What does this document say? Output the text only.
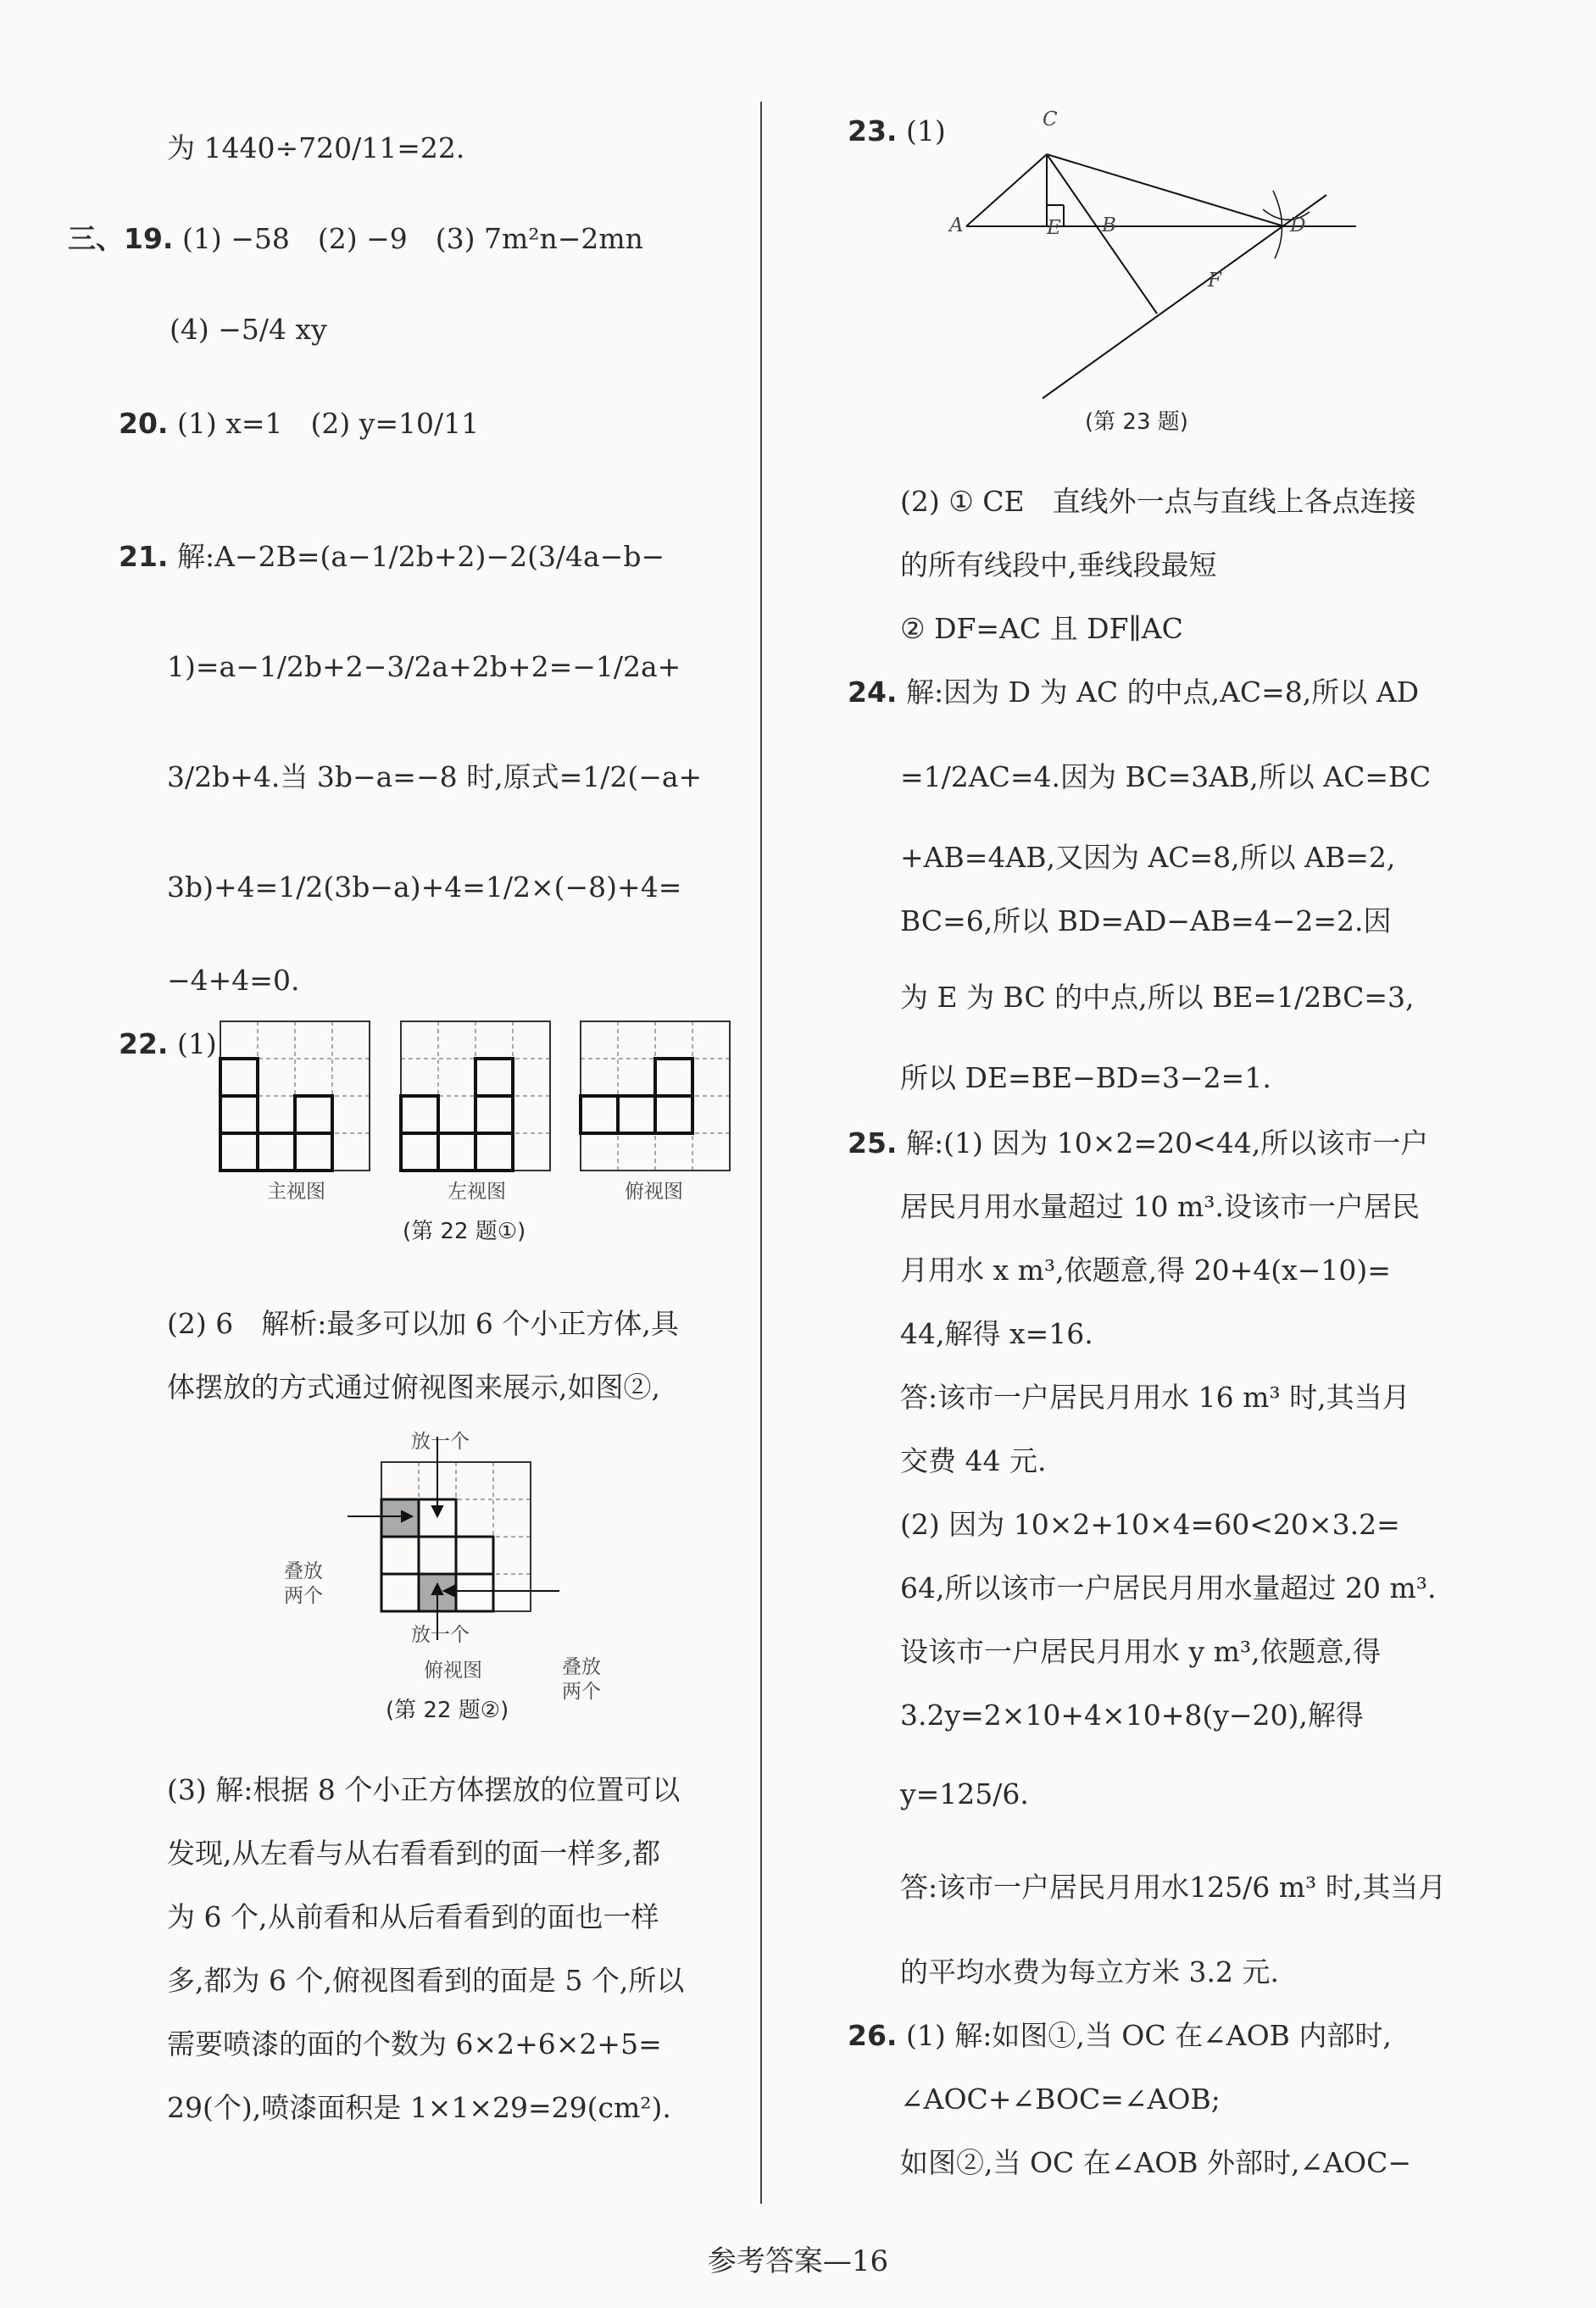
为 1440÷720/11=22.
三、19. (1) −58　(2) −9　(3) 7m²n−2mn
(4) −5/4 xy
20. (1) x=1　(2) y=10/11
21. 解:A−2B=(a−1/2b+2)−2(3/4a−b−
1)=a−1/2b+2−3/2a+2b+2=−1/2a+
3/2b+4.当 3b−a=−8 时,原式=1/2(−a+
3b)+4=1/2(3b−a)+4=1/2×(−8)+4=
−4+4=0.
22. (1)
主视图	左视图	俯视图
(第 22 题①)
(2) 6　解析:最多可以加 6 个小正方体,具
体摆放的方式通过俯视图来展示,如图②,
放一个
叠放两个
叠放两个
放一个
俯视图
(第 22 题②)
(3) 解:根据 8 个小正方体摆放的位置可以
发现,从左看与从右看看到的面一样多,都
为 6 个,从前看和从后看看到的面也一样
多,都为 6 个,俯视图看到的面是 5 个,所以
需要喷漆的面的个数为 6×2+6×2+5=
29(个),喷漆面积是 1×1×29=29(cm²).
23. (1)	C
A	E B	D
F
(第 23 题)
(2) ① CE　直线外一点与直线上各点连接
的所有线段中,垂线段最短
② DF=AC 且 DF∥AC
24. 解:因为 D 为 AC 的中点,AC=8,所以 AD
=1/2AC=4.因为 BC=3AB,所以 AC=BC
+AB=4AB,又因为 AC=8,所以 AB=2,
BC=6,所以 BD=AD−AB=4−2=2.因
为 E 为 BC 的中点,所以 BE=1/2BC=3,
所以 DE=BE−BD=3−2=1.
25. 解:(1) 因为 10×2=20<44,所以该市一户
居民月用水量超过 10 m³.设该市一户居民
月用水 x m³,依题意,得 20+4(x−10)=
44,解得 x=16.
答:该市一户居民月用水 16 m³ 时,其当月
交费 44 元.
(2) 因为 10×2+10×4=60<20×3.2=
64,所以该市一户居民月用水量超过 20 m³.
设该市一户居民月用水 y m³,依题意,得
3.2y=2×10+4×10+8(y−20),解得
y=125/6.
答:该市一户居民月用水125/6 m³ 时,其当月
的平均水费为每立方米 3.2 元.
26. (1) 解:如图①,当 OC 在∠AOB 内部时,
∠AOC+∠BOC=∠AOB;
如图②,当 OC 在∠AOB 外部时,∠AOC−
参考答案—16
